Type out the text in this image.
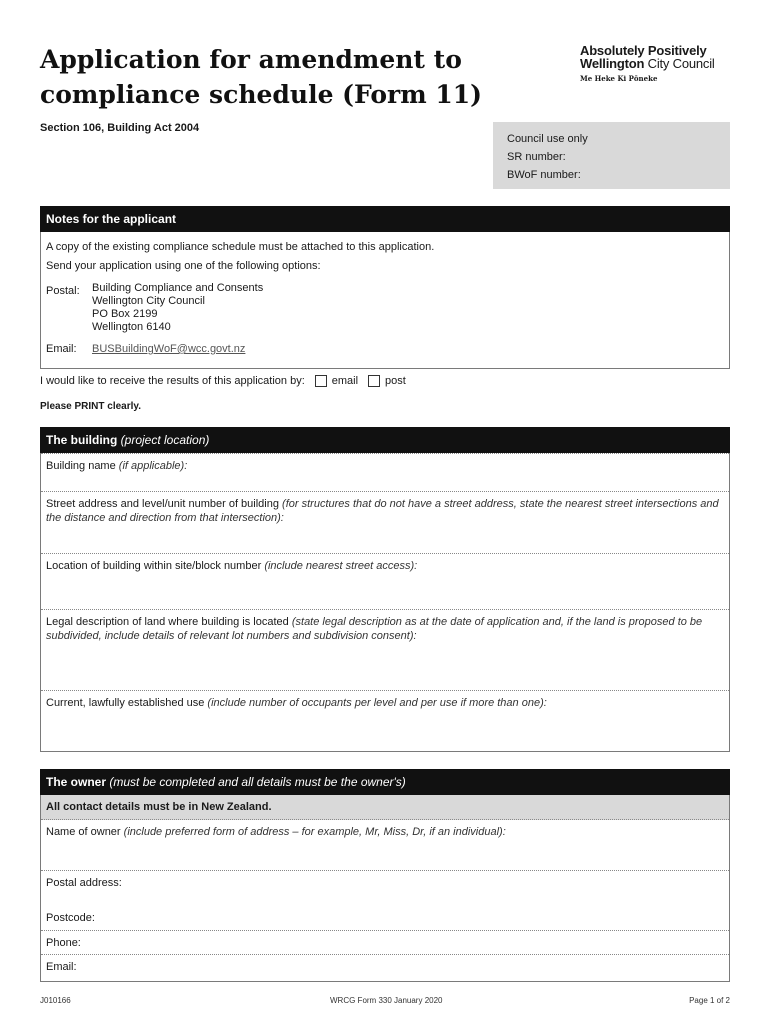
Application for amendment to compliance schedule (Form 11)
Section 106, Building Act 2004
Absolutely Positively
Wellington City Council
Me Heke Ki Pōneke
Council use only
SR number:
BWoF number:
Notes for the applicant
A copy of the existing compliance schedule must be attached to this application.
Send your application using one of the following options:
Postal:	Building Compliance and Consents
Wellington City Council
PO Box 2199
Wellington 6140
Email:	BUSBuildingWoF@wcc.govt.nz
I would like to receive the results of this application by: email post
Please PRINT clearly.
The building (project location)
Building name (if applicable):
Street address and level/unit number of building (for structures that do not have a street address, state the nearest street intersections and the distance and direction from that intersection):
Location of building within site/block number (include nearest street access):
Legal description of land where building is located (state legal description as at the date of application and, if the land is proposed to be subdivided, include details of relevant lot numbers and subdivision consent):
Current, lawfully established use (include number of occupants per level and per use if more than one):
The owner (must be completed and all details must be the owner's)
All contact details must be in New Zealand.
Name of owner (include preferred form of address – for example, Mr, Miss, Dr, if an individual):
Postal address:
Postcode:
Phone:
Email:
J010166	WRCG Form 330 January 2020	Page 1 of 2
